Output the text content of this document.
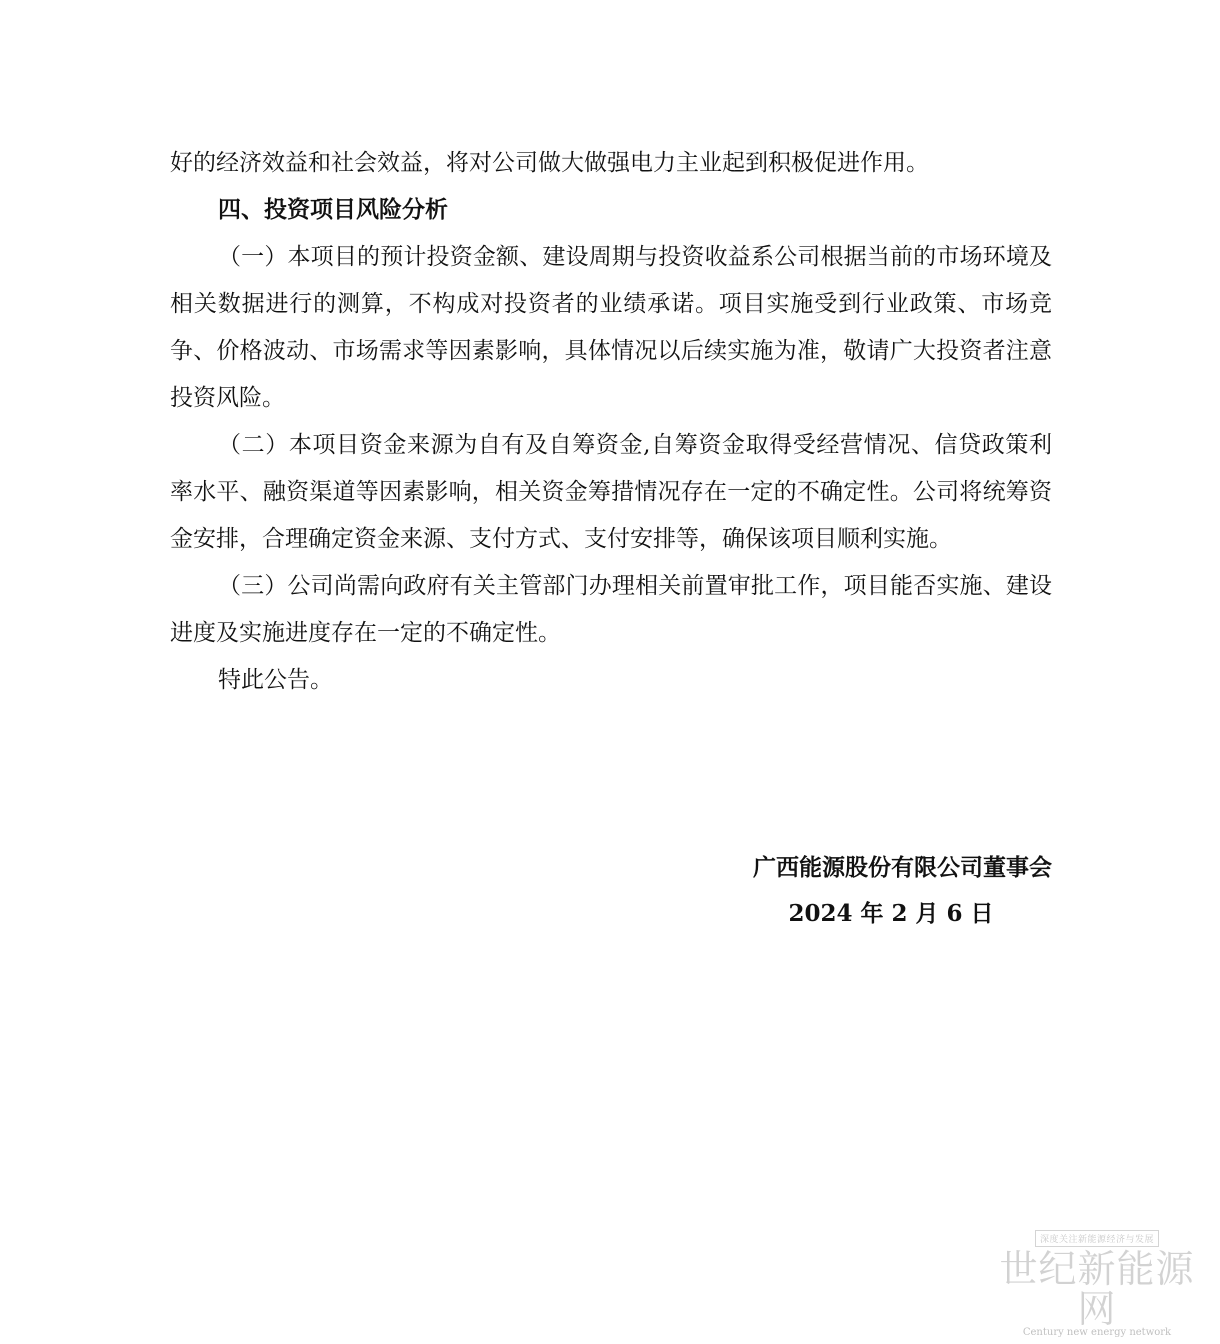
好的经济效益和社会效益，将对公司做大做强电力主业起到积极促进作用。

四、投资项目风险分析

（一）本项目的预计投资金额、建设周期与投资收益系公司根据当前的市场环境及相关数据进行的测算，不构成对投资者的业绩承诺。项目实施受到行业政策、市场竞争、价格波动、市场需求等因素影响，具体情况以后续实施为准，敬请广大投资者注意投资风险。

（二）本项目资金来源为自有及自筹资金,自筹资金取得受经营情况、信贷政策利率水平、融资渠道等因素影响，相关资金筹措情况存在一定的不确定性。公司将统筹资金安排，合理确定资金来源、支付方式、支付安排等，确保该项目顺利实施。

（三）公司尚需向政府有关主管部门办理相关前置审批工作，项目能否实施、建设进度及实施进度存在一定的不确定性。

特此公告。

广西能源股份有限公司董事会
2024 年 2 月 6 日
深度关注新能源经济与发展
世纪新能源网
Century new energy network
